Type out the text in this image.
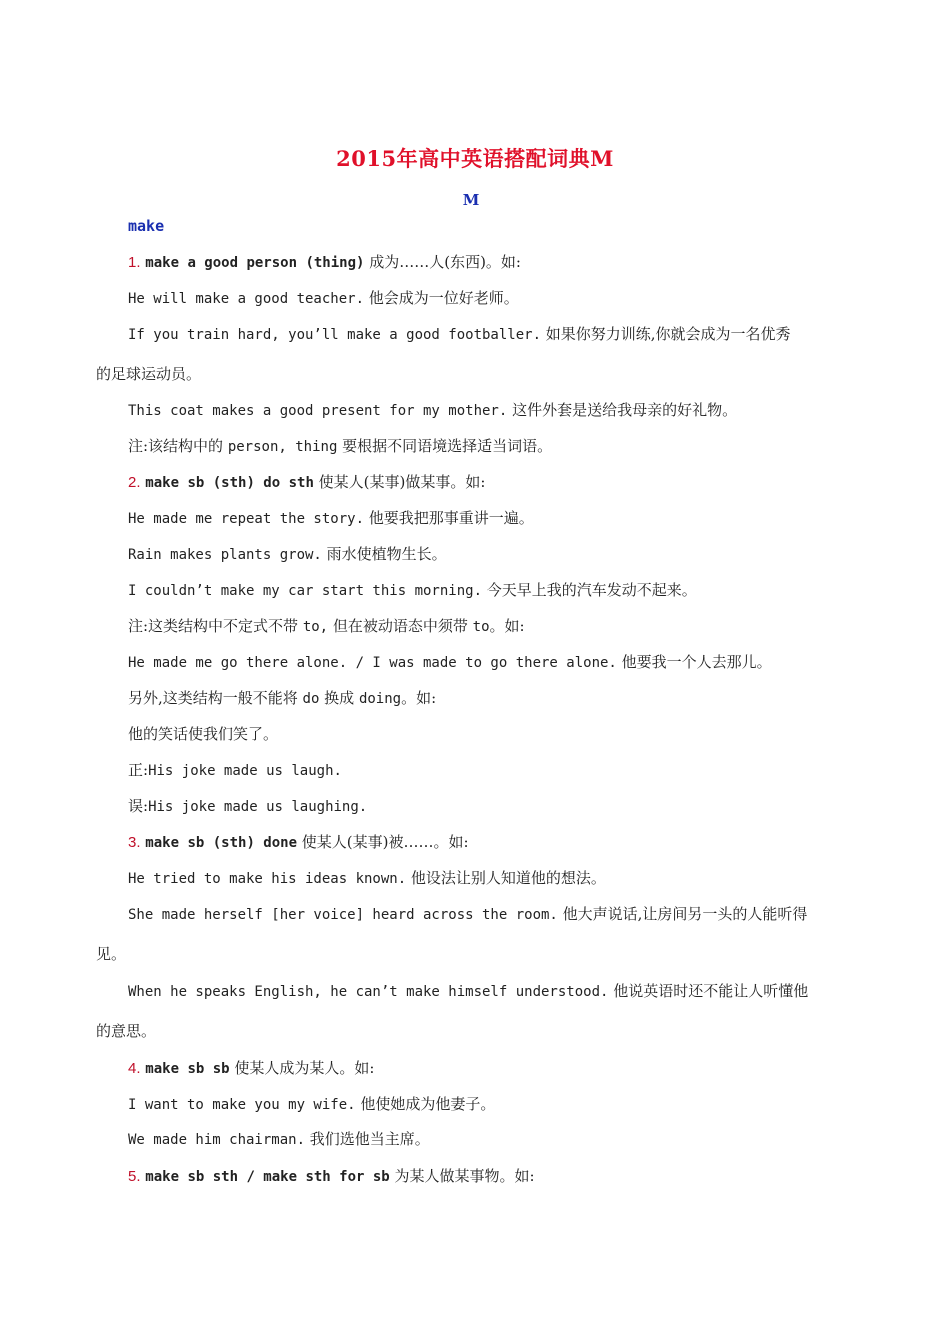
2015年高中英语搭配词典M
M
make
1. make a good person (thing) 成为……人(东西)。如:
He will make a good teacher. 他会成为一位好老师。
If you train hard, you’ll make a good footballer. 如果你努力训练,你就会成为一名优秀
的足球运动员。
This coat makes a good present for my mother. 这件外套是送给我母亲的好礼物。
注:该结构中的 person, thing 要根据不同语境选择适当词语。
2. make sb (sth) do sth 使某人(某事)做某事。如:
He made me repeat the story. 他要我把那事重讲一遍。
Rain makes plants grow. 雨水使植物生长。
I couldn’t make my car start this morning. 今天早上我的汽车发动不起来。
注:这类结构中不定式不带 to, 但在被动语态中须带 to。如:
He made me go there alone. / I was made to go there alone. 他要我一个人去那儿。
另外,这类结构一般不能将 do 换成 doing。如:
他的笑话使我们笑了。
正:His joke made us laugh.
误:His joke made us laughing.
3. make sb (sth) done 使某人(某事)被……。如:
He tried to make his ideas known. 他设法让别人知道他的想法。
She made herself [her voice] heard across the room. 他大声说话,让房间另一头的人能听得
见。
When he speaks English, he can’t make himself understood. 他说英语时还不能让人听懂他
的意思。
4. make sb sb 使某人成为某人。如:
I want to make you my wife. 他使她成为他妻子。
We made him chairman. 我们选他当主席。
5. make sb sth / make sth for sb 为某人做某事物。如:
